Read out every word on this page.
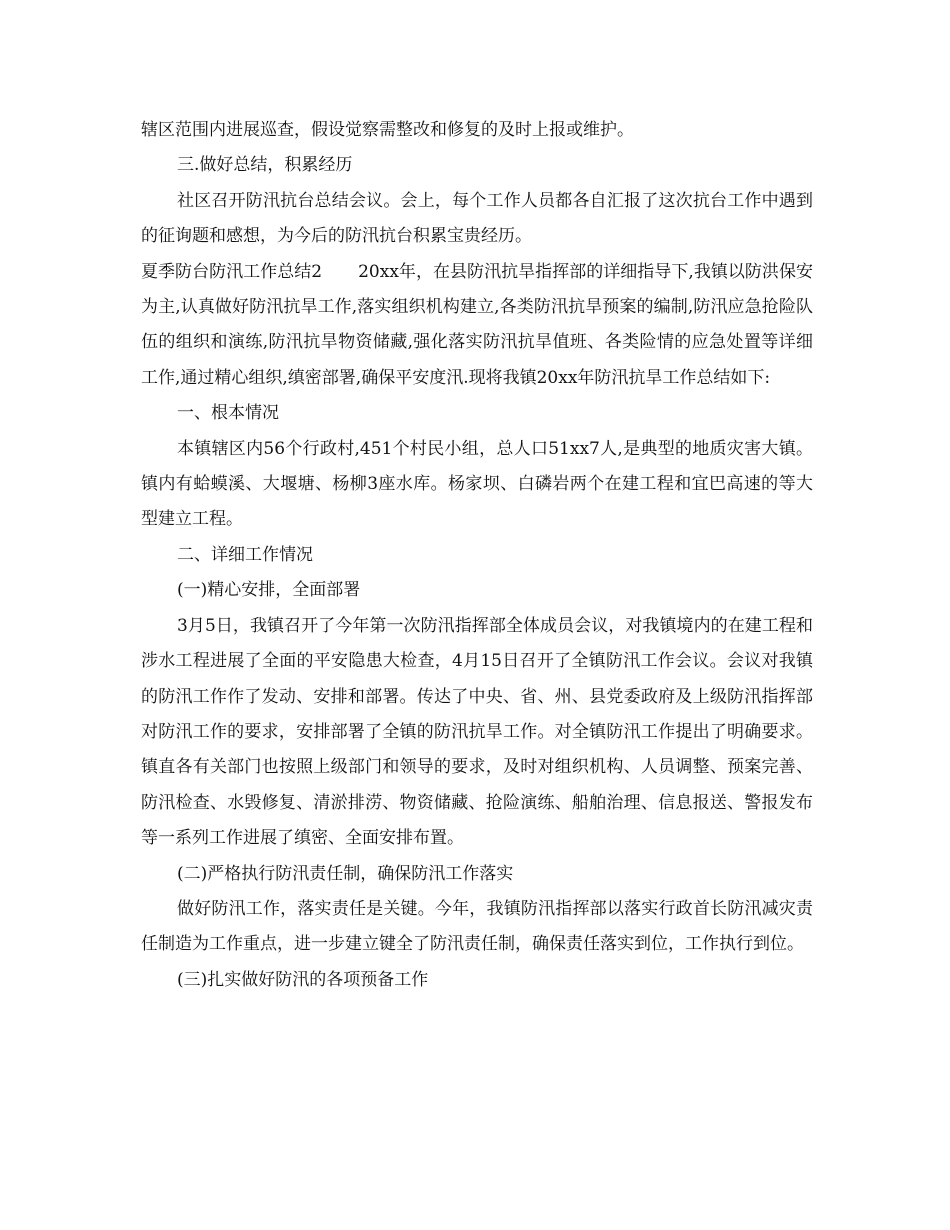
辖区范围内进展巡查，假设觉察需整改和修复的及时上报或维护。

三.做好总结，积累经历

社区召开防汛抗台总结会议。会上，每个工作人员都各自汇报了这次抗台工作中遇到的征询题和感想，为今后的防汛抗台积累宝贵经历。

夏季防台防汛工作总结2 20xx年，在县防汛抗旱指挥部的详细指导下,我镇以防洪保安为主,认真做好防汛抗旱工作,落实组织机构建立,各类防汛抗旱预案的编制,防汛应急抢险队伍的组织和演练,防汛抗旱物资储藏,强化落实防汛抗旱值班、各类险情的应急处置等详细工作,通过精心组织,缜密部署,确保平安度汛.现将我镇20xx年防汛抗旱工作总结如下:

一、根本情况

本镇辖区内56个行政村,451个村民小组，总人口51xx7人,是典型的地质灾害大镇。镇内有蛤蟆溪、大堰塘、杨柳3座水库。杨家坝、白磷岩两个在建工程和宜巴高速的等大型建立工程。

二、详细工作情况

(一)精心安排，全面部署

3月5日，我镇召开了今年第一次防汛指挥部全体成员会议，对我镇境内的在建工程和涉水工程进展了全面的平安隐患大检查，4月15日召开了全镇防汛工作会议。会议对我镇的防汛工作作了发动、安排和部署。传达了中央、省、州、县党委政府及上级防汛指挥部对防汛工作的要求，安排部署了全镇的防汛抗旱工作。对全镇防汛工作提出了明确要求。镇直各有关部门也按照上级部门和领导的要求，及时对组织机构、人员调整、预案完善、防汛检查、水毁修复、清淤排涝、物资储藏、抢险演练、船舶治理、信息报送、警报发布等一系列工作进展了缜密、全面安排布置。

(二)严格执行防汛责任制，确保防汛工作落实

做好防汛工作，落实责任是关键。今年，我镇防汛指挥部以落实行政首长防汛减灾责任制造为工作重点，进一步建立键全了防汛责任制，确保责任落实到位，工作执行到位。

(三)扎实做好防汛的各项预备工作
